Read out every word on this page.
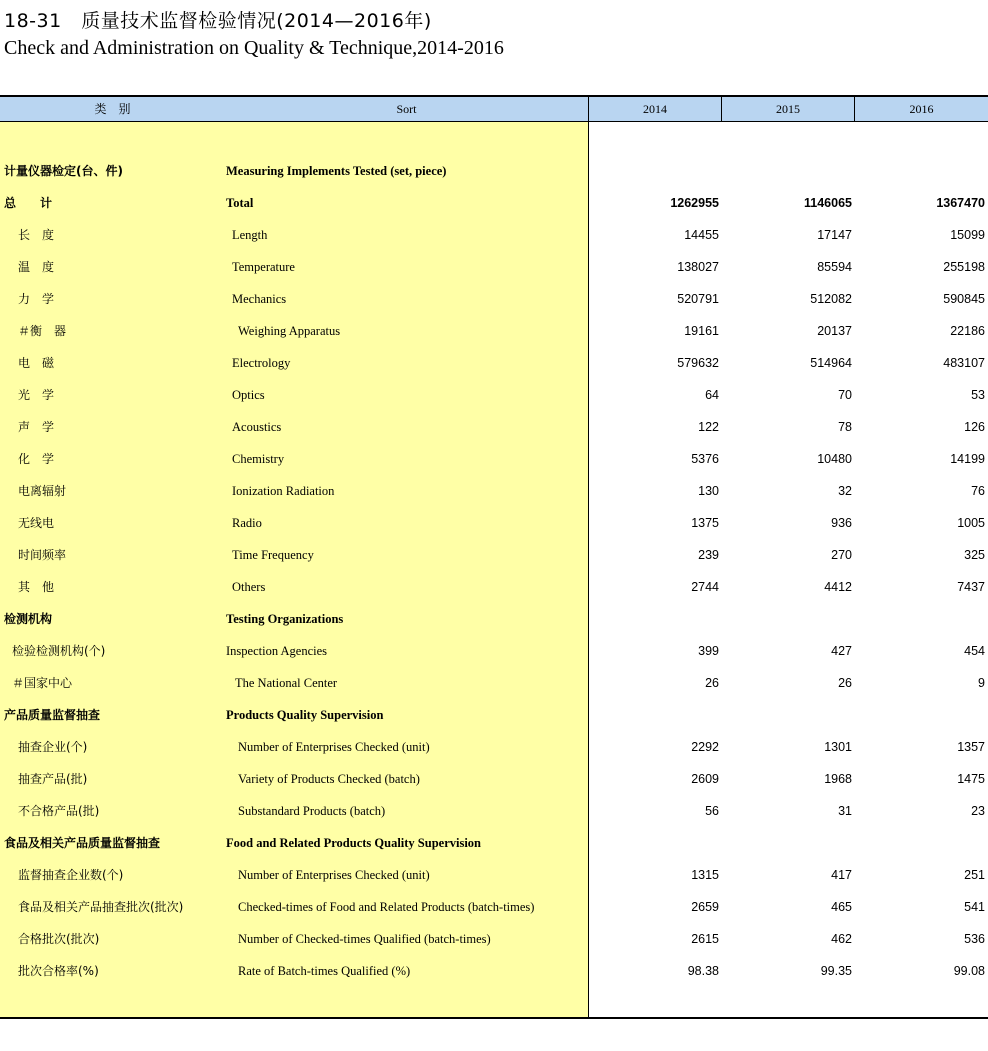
18-31　质量技术监督检验情况(2014—2016年)
Check and Administration on Quality & Technique,2014-2016
类　别	Sort	2014	2015	2016
计量仪器检定(台、件)	Measuring Implements Tested (set, piece)
总　　计	Total	1262955	1146065	1367470
长　度	Length	14455	17147	15099
温　度	Temperature	138027	85594	255198
力　学	Mechanics	520791	512082	590845
＃衡　器	Weighing Apparatus	19161	20137	22186
电　磁	Electrology	579632	514964	483107
光　学	Optics	64	70	53
声　学	Acoustics	122	78	126
化　学	Chemistry	5376	10480	14199
电离辐射	Ionization Radiation	130	32	76
无线电	Radio	1375	936	1005
时间频率	Time Frequency	239	270	325
其　他	Others	2744	4412	7437
检测机构	Testing Organizations
检验检测机构(个)	Inspection Agencies	399	427	454
＃国家中心	The National Center	26	26	9
产品质量监督抽查	Products Quality Supervision
抽查企业(个)	Number of Enterprises Checked (unit)	2292	1301	1357
抽查产品(批)	Variety of Products Checked (batch)	2609	1968	1475
不合格产品(批)	Substandard Products (batch)	56	31	23
食品及相关产品质量监督抽查	Food and Related Products Quality Supervision
监督抽查企业数(个)	Number of Enterprises Checked (unit)	1315	417	251
食品及相关产品抽查批次(批次)	Checked-times of Food and Related Products (batch-times)	2659	465	541
合格批次(批次)	Number of Checked-times Qualified (batch-times)	2615	462	536
批次合格率(%)	Rate of Batch-times Qualified (%)	98.38	99.35	99.08
